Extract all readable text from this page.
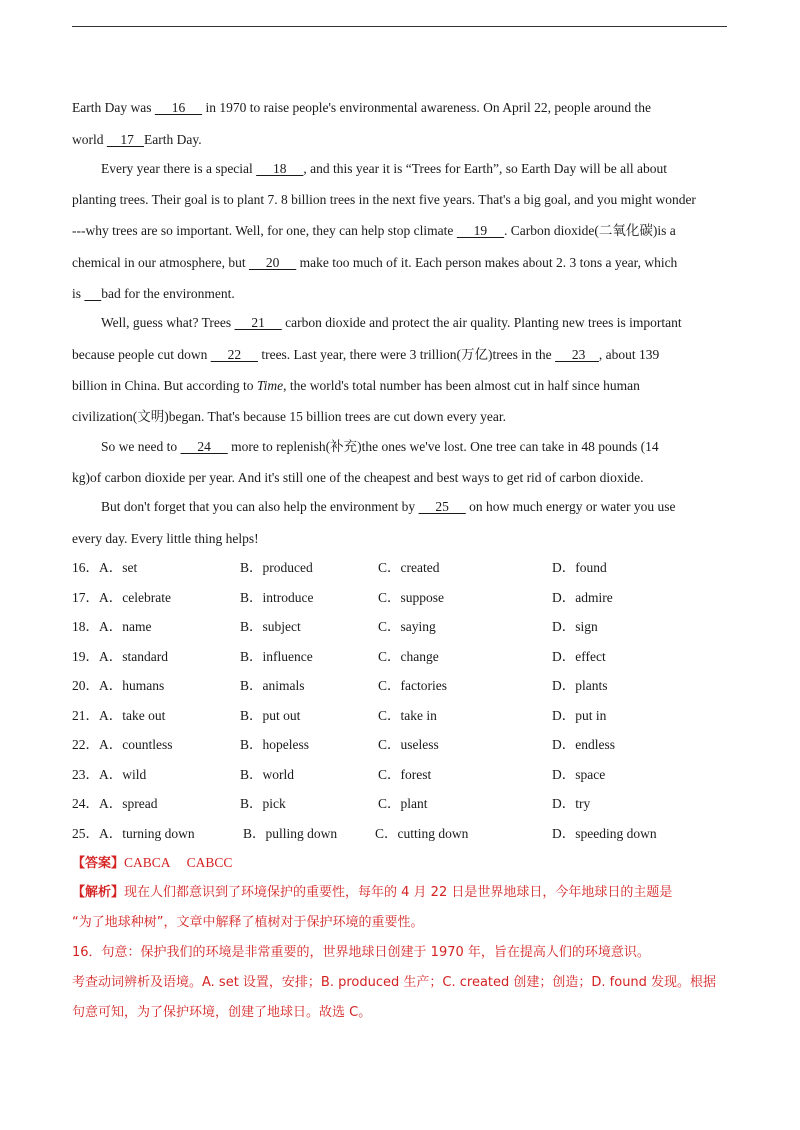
Earth Day was      16      in 1970 to raise people's environmental awareness. On April 22, people around the
world     17   Earth Day.
Every year there is a special      18     , and this year it is “Trees for Earth”, so Earth Day will be all about
planting trees. Their goal is to plant 7. 8 billion trees in the next five years. That's a big goal, and you might wonder
---why trees are so important. Well, for one, they can help stop climate      19     . Carbon dioxide(二氧化碳)is a
chemical in our atmosphere, but      20      make too much of it. Each person makes about 2. 3 tons a year, which
is      bad for the environment.
Well, guess what? Trees      21      carbon dioxide and protect the air quality. Planting new trees is important
because people cut down      22      trees. Last year, there were 3 trillion(万亿)trees in the      23    , about 139
billion in China. But according to Time, the world's total number has been almost cut in half since human
civilization(文明)began. That's because 15 billion trees are cut down every year.
So we need to      24      more to replenish(补充)the ones we've lost. One tree can take in 48 pounds (14
kg)of carbon dioxide per year. And it's still one of the cheapest and best ways to get rid of carbon dioxide.
But don't forget that you can also help the environment by      25      on how much energy or water you use
every day. Every little thing helps!
16． A．set	B．produced	C．created	D．found
17． A．celebrate	B．introduce	C．suppose	D．admire
18． A．name	B．subject	C．saying	D．sign
19． A．standard	B．influence	C．change	D．effect
20． A．humans	B．animals	C．factories	D．plants
21． A．take out	B．put out	C．take in	D．put in
22． A．countless	B．hopeless	C．useless	D．endless
23． A．wild	B．world	C．forest	D．space
24． A．spread	B．pick	C．plant	D．try
25． A．turning down	B．pulling down	C．cutting down	D．speeding down
【答案】CABCA     CABCC
【解析】现在人们都意识到了环境保护的重要性，每年的 4 月 22 日是世界地球日，今年地球日的主题是
“为了地球种树”，文章中解释了植树对于保护环境的重要性。
16．句意：保护我们的环境是非常重要的，世界地球日创建于 1970 年，旨在提高人们的环境意识。
考查动词辨析及语境。A. set 设置，安排；B. produced 生产；C. created 创建；创造；D. found 发现。根据
句意可知，为了保护环境，创建了地球日。故选 C。
